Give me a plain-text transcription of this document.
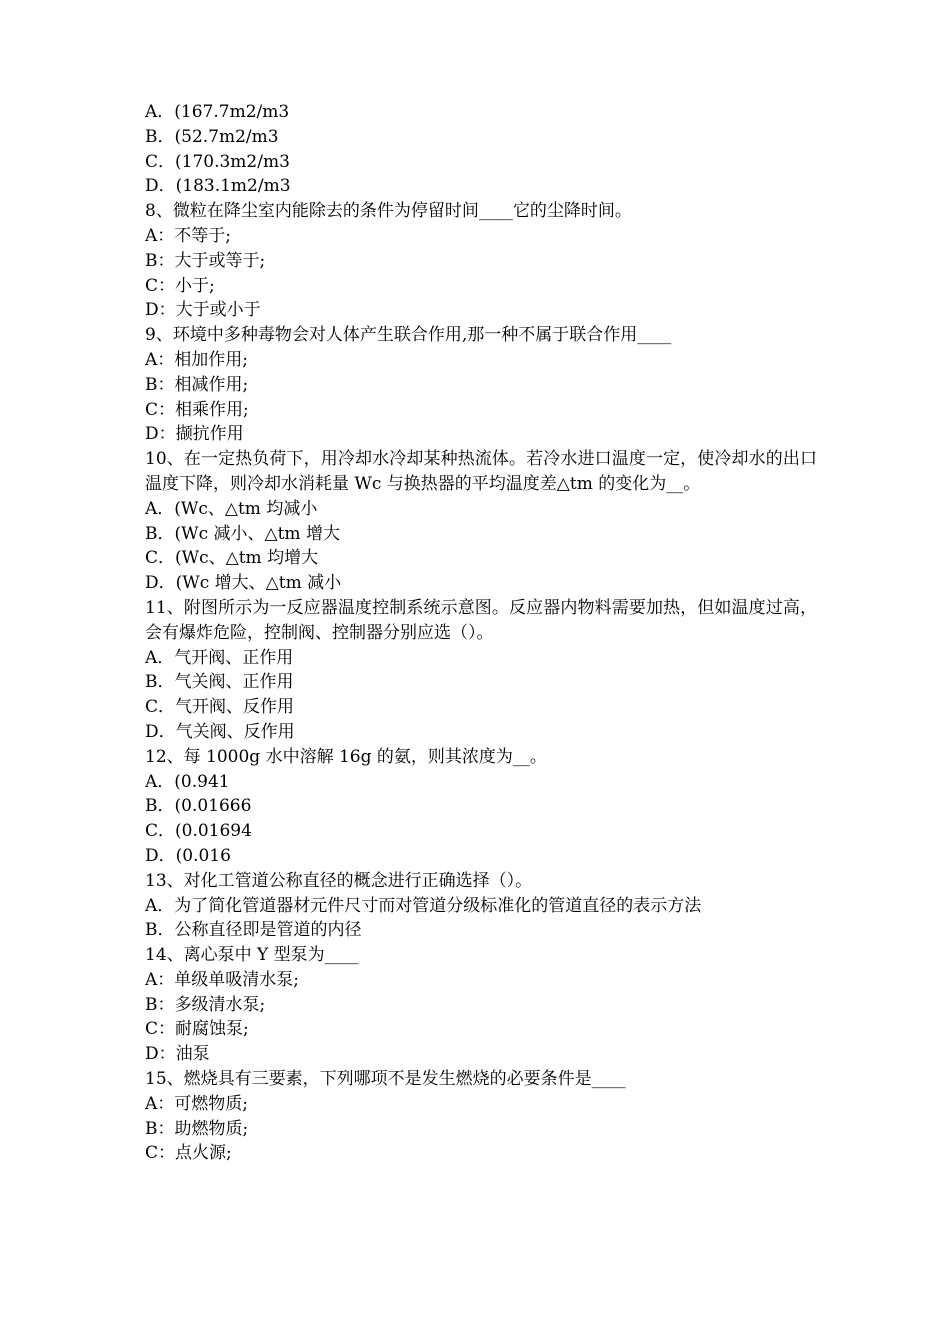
A．(167.7m2/m3
B．(52.7m2/m3
C．(170.3m2/m3
D．(183.1m2/m3
8、微粒在降尘室内能除去的条件为停留时间____它的尘降时间。
A：不等于;
B：大于或等于;
C：小于;
D：大于或小于
9、环境中多种毒物会对人体产生联合作用,那一种不属于联合作用____
A：相加作用;
B：相减作用;
C：相乘作用;
D：撷抗作用
10、在一定热负荷下，用冷却水冷却某种热流体。若冷水进口温度一定，使冷却水的出口温度下降，则冷却水消耗量 Wc 与换热器的平均温度差△tm 的变化为__。
A．(Wc、△tm 均减小
B．(Wc 减小、△tm 增大
C．(Wc、△tm 均增大
D．(Wc 增大、△tm 减小
11、附图所示为一反应器温度控制系统示意图。反应器内物料需要加热，但如温度过高，会有爆炸危险，控制阀、控制器分别应选（）。
A．气开阀、正作用
B．气关阀、正作用
C．气开阀、反作用
D．气关阀、反作用
12、每 1000g 水中溶解 16g 的氨，则其浓度为__。
A．(0.941
B．(0.01666
C．(0.01694
D．(0.016
13、对化工管道公称直径的概念进行正确选择（）。
A．为了简化管道器材元件尺寸而对管道分级标准化的管道直径的表示方法
B．公称直径即是管道的内径
14、离心泵中 Y 型泵为____
A：单级单吸清水泵;
B：多级清水泵;
C：耐腐蚀泵;
D：油泵
15、燃烧具有三要素，下列哪项不是发生燃烧的必要条件是____
A：可燃物质;
B：助燃物质;
C：点火源;
